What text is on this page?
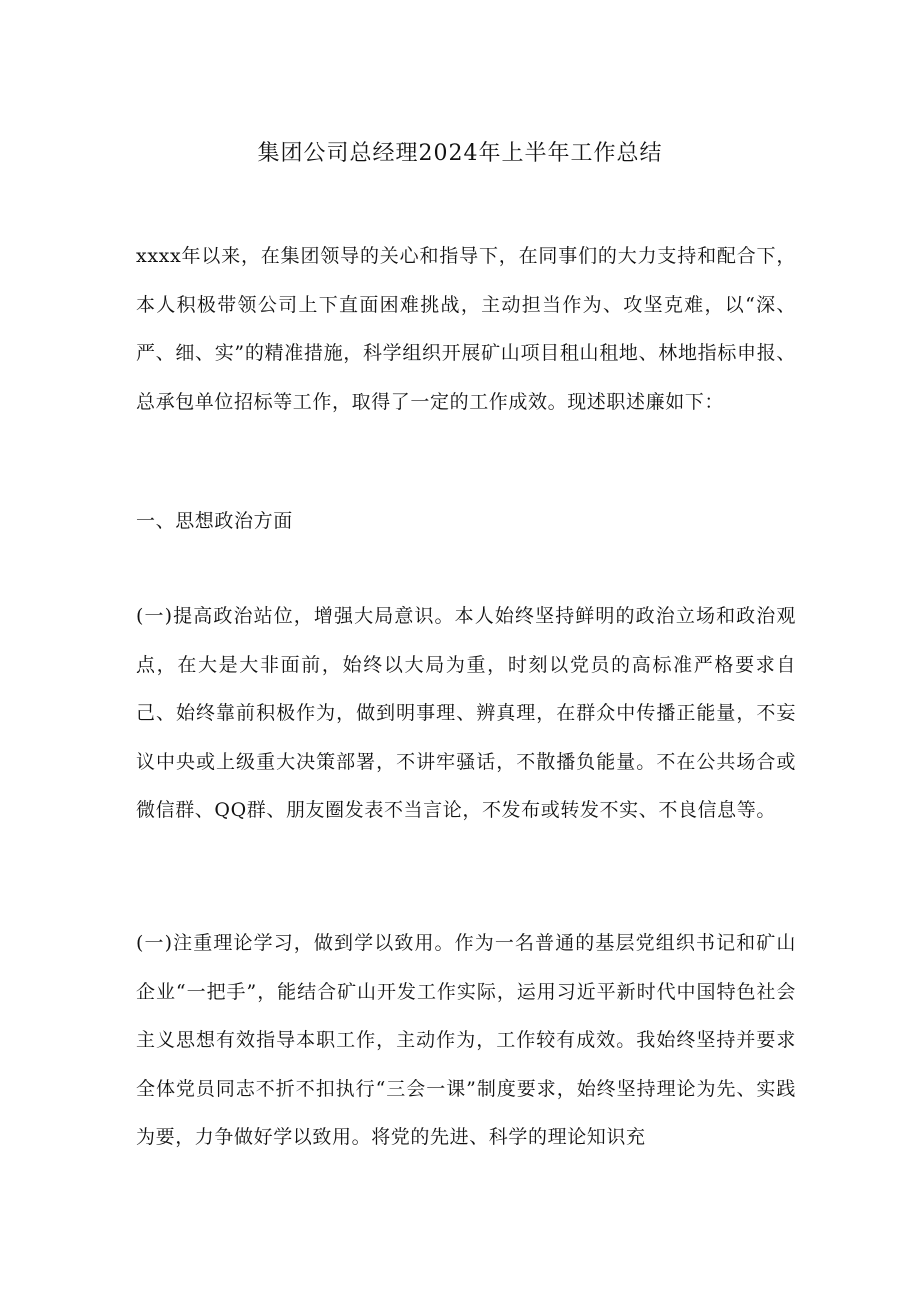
集团公司总经理2024年上半年工作总结

xxxx年以来，在集团领导的关心和指导下，在同事们的大力支持和配合下，本人积极带领公司上下直面困难挑战，主动担当作为、攻坚克难，以“深、严、细、实”的精准措施，科学组织开展矿山项目租山租地、林地指标申报、总承包单位招标等工作，取得了一定的工作成效。现述职述廉如下：

一、思想政治方面

(一)提高政治站位，增强大局意识。本人始终坚持鲜明的政治立场和政治观点，在大是大非面前，始终以大局为重，时刻以党员的高标准严格要求自己、始终靠前积极作为，做到明事理、辨真理，在群众中传播正能量，不妄议中央或上级重大决策部署，不讲牢骚话，不散播负能量。不在公共场合或微信群、QQ群、朋友圈发表不当言论，不发布或转发不实、不良信息等。

(一)注重理论学习，做到学以致用。作为一名普通的基层党组织书记和矿山企业“一把手”，能结合矿山开发工作实际，运用习近平新时代中国特色社会主义思想有效指导本职工作，主动作为，工作较有成效。我始终坚持并要求全体党员同志不折不扣执行“三会一课”制度要求，始终坚持理论为先、实践为要，力争做好学以致用。将党的先进、科学的理论知识充
